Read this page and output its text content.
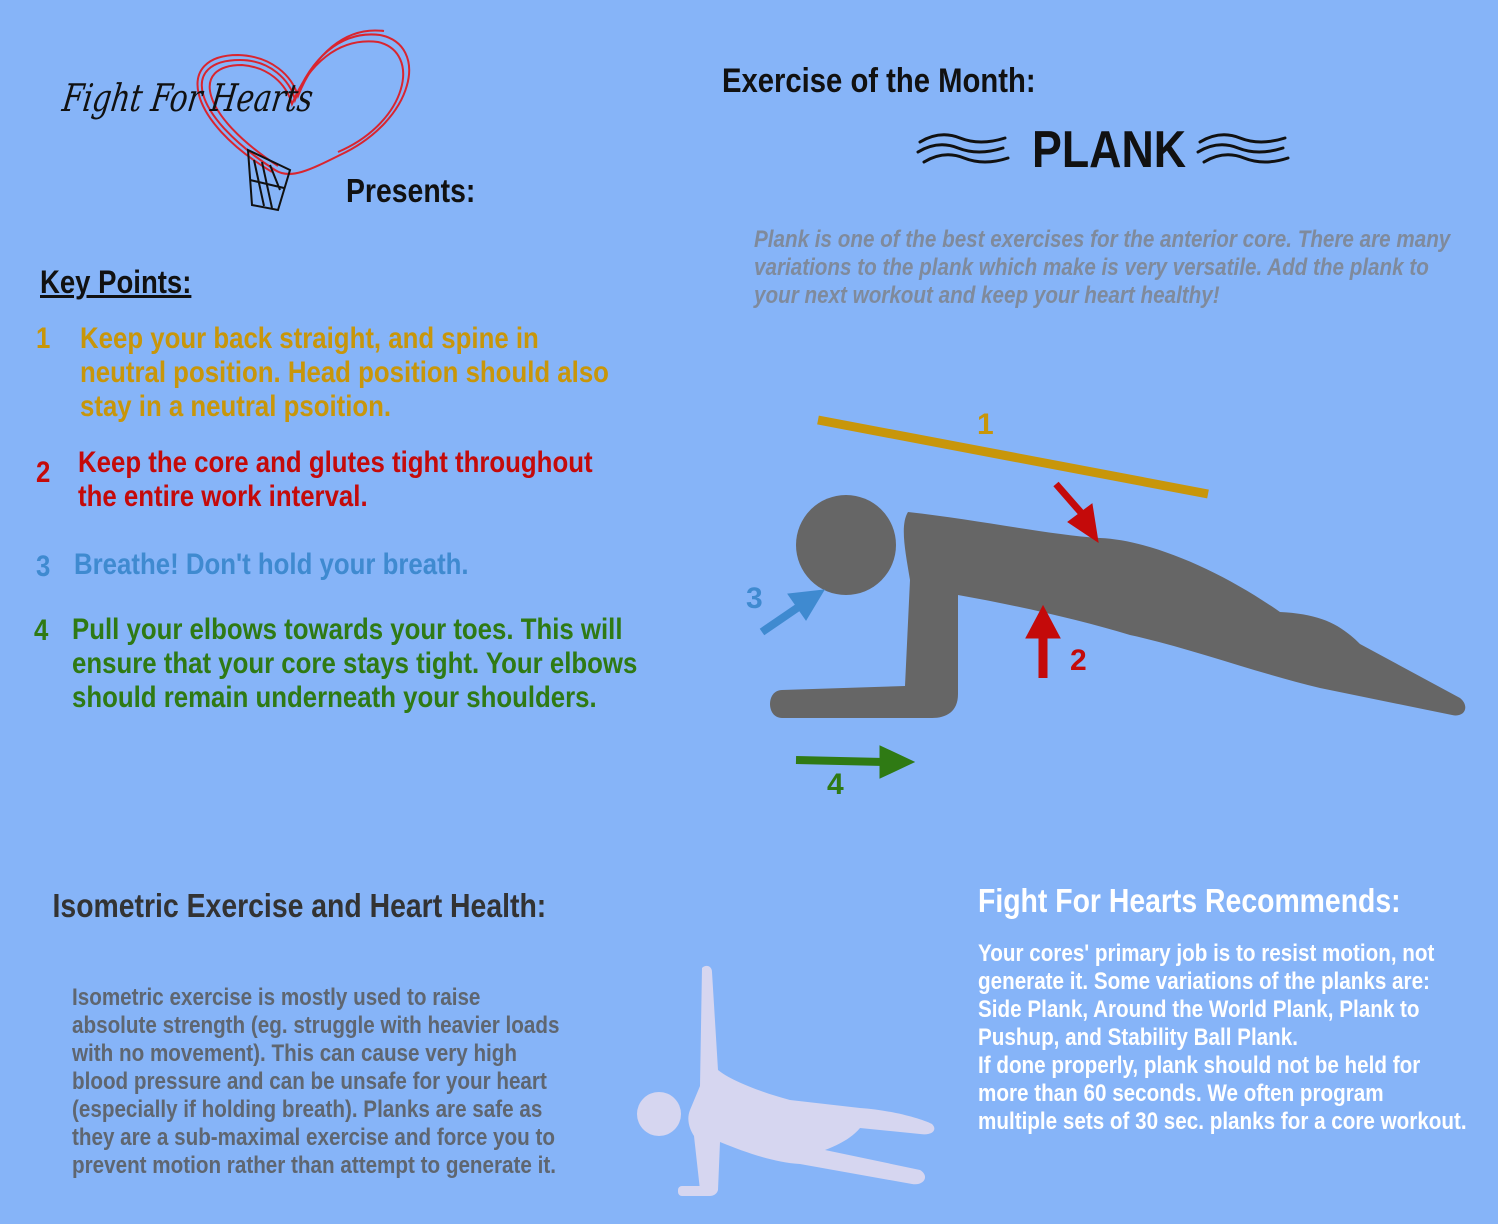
Fight For Hearts
Presents:
Exercise of the Month:
PLANK
Plank is one of the best exercises for the anterior core. There are many variations to the plank which make is very versatile. Add the plank to your next workout and keep your heart healthy!
Key Points:
1 Keep your back straight, and spine in neutral position. Head position should also stay in a neutral psoition.
2 Keep the core and glutes tight throughout the entire work interval.
3 Breathe! Don't hold your breath.
4 Pull your elbows towards your toes. This will ensure that your core stays tight. Your elbows should remain underneath your shoulders.
1
2
3
4
Isometric Exercise and Heart Health:
Isometric exercise is mostly used to raise absolute strength (eg. struggle with heavier loads with no movement). This can cause very high blood pressure and can be unsafe for your heart (especially if holding breath). Planks are safe as they are a sub-maximal exercise and force you to prevent motion rather than attempt to generate it.
Fight For Hearts Recommends:

Your cores' primary job is to resist motion, not generate it. Some variations of the planks are: Side Plank, Around the World Plank, Plank to Pushup, and Stability Ball Plank.

If done properly, plank should not be held for more than 60 seconds. We often program multiple sets of 30 sec. planks for a core workout.
